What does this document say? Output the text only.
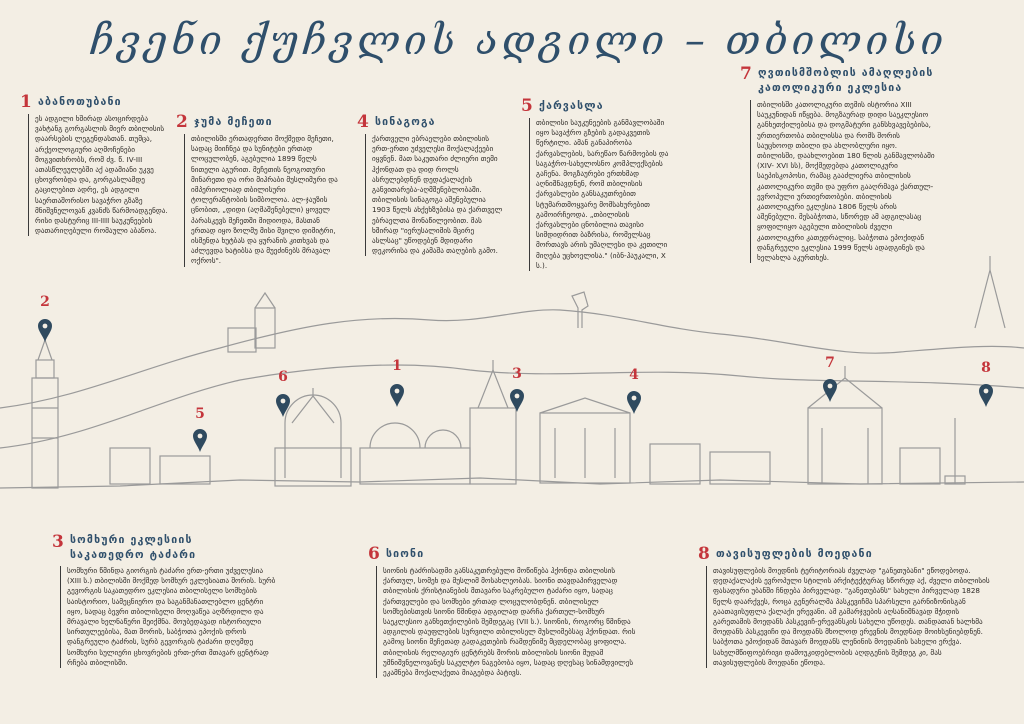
ჩვენი ქუჩვლის ადგილი – თბილისი
1 აბანოთუბანი
ეს ადგილი ხშირად ასოცირდება ვახტანგ გორგასლის მიერ თბილისის დაარსების ლეგენდასთან. თუმცა, არქეოლოგიური აღმოჩენები მოგვითხრობს, რომ ძვ. წ. IV-III ათასწლეულებში აქ ადამიანი უკვე ცხოვრობდა და, გორგასლამდე გაცილებით ადრე, ეს ადგილი საერთაშორისო სავაჭრო გზაზე მნიშვნელოვან კვანძს წარმოადგენდა. რისი დასტურიც III-IIII საუკუნეების დათარიღებული რომაული აბანოა.
2 ჯუმა მეჩეთი
თბილისში ერთადერთი მოქმედი მეჩეთი, სადაც მიიჩნეა და სუნიტები ერთად ლოცულობენ, აგებულია 1899 წელს ნითელი აგურით. მეჩეთის ნეოგოთური მინარეთი და ორი მიჰრაბი მუსლიმური და იმპერიოლიად თბილისური ტოლერანტობის სიმბოლოა. ალ-ჯაუზის ცნობით, „დიდი (აღმაშენებელი) ყოველ პარასკევს მეჩეთში მიდიოდა, მასთან ერთად იყო ზოლმუ მისი შვილი დიმიტრი, ისმენდა ხუტბას და ყურანის კითხვას და აძლევდა ხატიბსა და მუეძინებს მრავალ ოქროს".
4 სინაგოგა
ქართველი ებრაელები თბილისის ერთ-ერთი უძველესი მოქალაქეები იყვნენ. მათ საკუთარი ძლიერი თემი ჰქონდათ და დიდ როლს ასრულებდნენ დედაქალაქის განვითარება-აღმშენებლობაში. თბილისის სინაგოგა აშენებულია 1903 წელს ახქეხზუბისა და ქართველ ებრაელთა მონაწილეობით. მას ხშირად "იერუსალიმის მცირე ასლსაც" უწოდებენ მდიდარი დეკორისა და კამაშა თაღების გამო.
5 ქარვასლა
თბილისი საუკუნეების განმავლობაში იყო სავაჭრო გზების გადაკვეთის წერტილი. ამან განაპირობა ქარვასლების, სარეწაო წარმოების და საგაჭრო-სახელოსნო კომპლექსების გაჩენა. მოგზაურები ერთხმად აღნიშნავდნენ, რომ თბილისის ქარვასლები განსაკუთრებით სტუმართმოყვარე მომსახურებით გამოირჩეოდა. „თბილისის ქარვასლები ცნობილია თავისი სიმდიდრით ბაზრისა, რომელსაც მორთავს არის უმაღლესი და კეთილი მიღება უცხოელისა." (იბნ-ჰაუკალი, X ს.).
7 ღვთისმშობლის ამაღლების კათოლიკური ეკლესია
თბილისში კათოლიკური თემის ისტორია XIII საუკუნიდან იწყება. მოგზაურად დიდი საეკლესიო განხეთქილებისა და დოგმატური განსხვავებებისა, ურთიერთობა თბილისსა და რომს შორის საუცხოოდ თბილი და ახლობლური იყო. თბილისში, დაახლოებით 180 წლის განმავლობაში (XIV- XVI სს), მოქმედებდა კათოლიკური საეპისკოპოსი, რამაც გააძლიერა თბილისის კათოლიკური თემი და უფრო გააღრმავა ქართულ-ევროპული ურთიერთობები. თბილისის კათოლიკური ეკლესია 1806 წელს არის აშენებული. მესაბჭოთა, სწორედ ამ ადგილასაც ყოფილიყო აგებული თბილისის ძველი კათოლიკური კათედრალიც. საბჭოთა ეპოქიდან დანგრეული ეკლესია 1999 წელს ადადგინეს და ხელახლა აკურთხეს.
3 სომხური ეკლესიის საკათედრო ტაძარი
სომხური წმინდა გიორგის ტაძარი ერთ-ერთი უძველესია (XIII ს.) თბილისში მოქმედ სომხურ ეკლესიათა შორის. სურბ გევორგის საკათედრო ეკლესია თბილისელი სომხების საისტორიო, სამეცნიერო და საგანმანათლებლო ცენტრი იყო, სადაც ბევრი თბილისელი მოღვაწეა აღზრდილი და მრავალი ხელნაწერი შეიქმნა. მოუბედავად ისტორიული სირთულეებისა, მათ შორის, საბჭოთა ეპოქის დროს დანგრეული ტაძრის, სურბ გევორგის ტაძარი დღემდე სომხური სულიერი ცხოვრების ერთ-ერთ მთავარ ცენტრად რჩება თბილისში.
6 სიონი
სიონის ტაძრისადმი განსაკუთრებული მოწიწება ჰქონდა თბილისის ქართულ, სომეხ და მუსლიმ მოსახლეობას. სიონი თავდაპირველად თბილისის ქრისტიანების მთავარი საკრებულო ტაძარი იყო, სადაც ქართველები და სომხები ერთად ლოცულობდნენ. თბილისელ სომხებისთვის სიონი წმინდა ადგილად დარჩა ქართულ-სომხურ საეკლესიო განხეთქილების შემდეგაც (VII ს.). სიონის, როგორც წმინდა ადგილის დაუფლების სურვილი თბილისელ მუსლიმებსაც ჰქონდათ. რის გამოც სიონი მეჩეთად გადაკეთების რამდენიმე მცდელობაც ყოფილა. თბილისის რელიგიურ ცენტრებს შორის თბილისის სიონი მუდამ უმნიშვნელოვანეს საკულტო ნაგებობა იყო, სადაც დღესაც სინამდვილეს ეკამნება მოქალაქეთა მიაგებდა პატივს.
8 თავისუფლების მოედანი
თავისუფლების მოედნის ტერიტორიას ძველად "განეთუბანი" ეწოდებოდა. დედაქალაქის ევროპული სტილის არქიტექტურაც სწორედ აქ, ძველი თბილისის ფასადური უბანში ჩნდება პირველად. "განეთუბანს" სახელი პირველად 1828 წელს დაარქვეს, როცა გენერალმა პასკევიჩმა სპარსელი გარნიზონისგან გაათავისუფლა ქალაქი ერევანი. ამ გამარჯვების აღსანიშნავად მჭიდის გარეთამის მოედანს პასკევიჩ-ერევანსკის სახელი უწოდეს. თანდათან ხალხმა მოედანს პასკევიჩი და მოედანს მხოლოდ ერევნის მოედნად მოიხსენიებდნენ. საბჭოთა ეპოქიდან მთავარ მოედანს ლენინის მოედანის სახელი ერქვა. სახელმწიფოებრივი დამოუკიდებლობის აღდგენის შემდეგ კი, მას თავისუფლების მოედანი ეწოდა.
1
2
3	4
5
6
7	8
